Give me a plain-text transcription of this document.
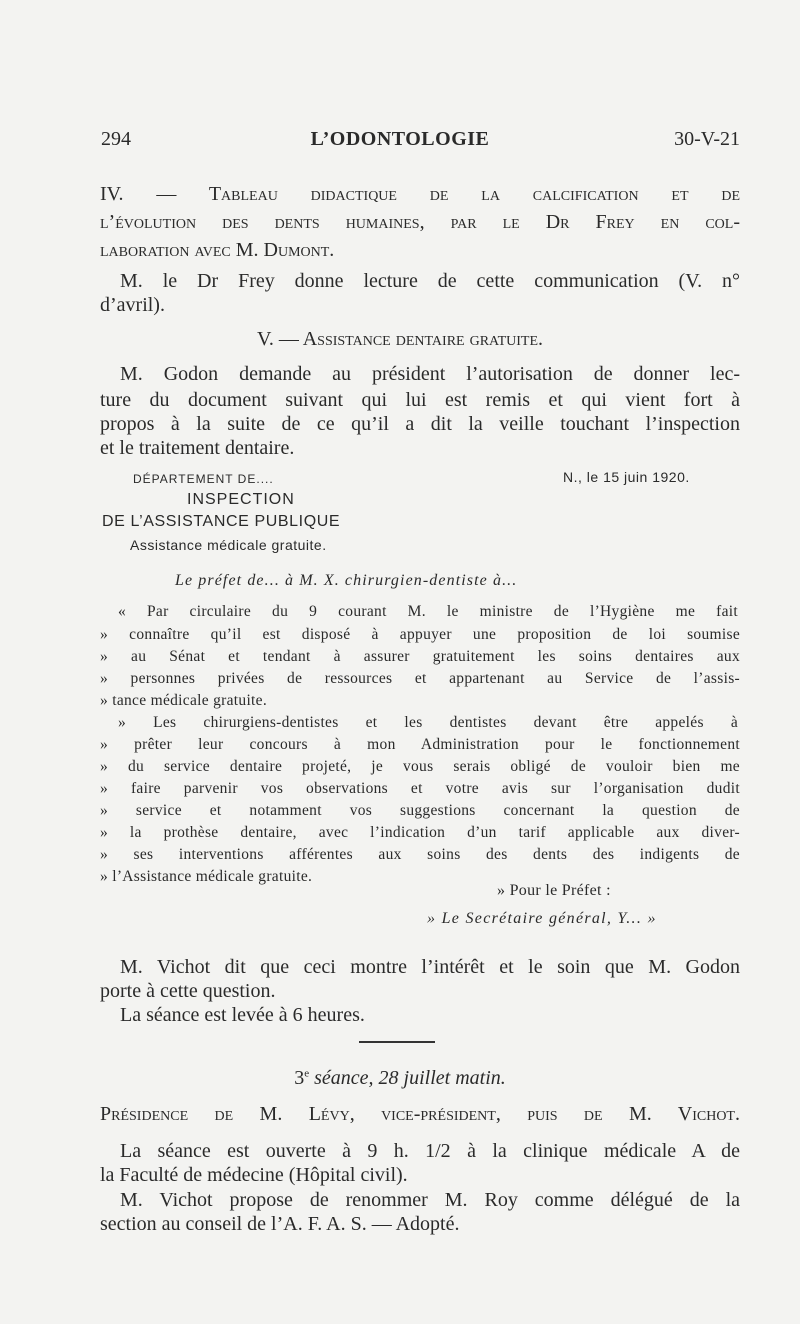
294	L’ODONTOLOGIE	30-V-21
IV. — Tableau didactique de la calcification et de
l’évolution des dents humaines, par le Dr Frey en col-
laboration avec M. Dumont.
M. le Dr Frey donne lecture de cette communication (V. n°
d’avril).
V. — Assistance dentaire gratuite.
M. Godon demande au président l’autorisation de donner lec-
ture du document suivant qui lui est remis et qui vient fort à
propos à la suite de ce qu’il a dit la veille touchant l’inspection
et le traitement dentaire.
DÉPARTEMENT DE....	N., le 15 juin 1920.
INSPECTION
DE L’ASSISTANCE PUBLIQUE
Assistance médicale gratuite.
Le préfet de... à M. X. chirurgien-dentiste à...
« Par circulaire du 9 courant M. le ministre de l’Hygiène me fait
» connaître qu’il est disposé à appuyer une proposition de loi soumise
» au Sénat et tendant à assurer gratuitement les soins dentaires aux
» personnes privées de ressources et appartenant au Service de l’assis-
» tance médicale gratuite.
» Les chirurgiens-dentistes et les dentistes devant être appelés à
» prêter leur concours à mon Administration pour le fonctionnement
» du service dentaire projeté, je vous serais obligé de vouloir bien me
» faire parvenir vos observations et votre avis sur l’organisation dudit
» service et notamment vos suggestions concernant la question de
» la prothèse dentaire, avec l’indication d’un tarif applicable aux diver-
» ses interventions afférentes aux soins des dents des indigents de
» l’Assistance médicale gratuite.
» Pour le Préfet :
» Le Secrétaire général, Y... »
M. Vichot dit que ceci montre l’intérêt et le soin que M. Godon
porte à cette question.
La séance est levée à 6 heures.
3e séance, 28 juillet matin.
Présidence de M. Lévy, vice-président, puis de M. Vichot.
La séance est ouverte à 9 h. 1/2 à la clinique médicale A de
la Faculté de médecine (Hôpital civil).
M. Vichot propose de renommer M. Roy comme délégué de la
section au conseil de l’A. F. A. S. — Adopté.
